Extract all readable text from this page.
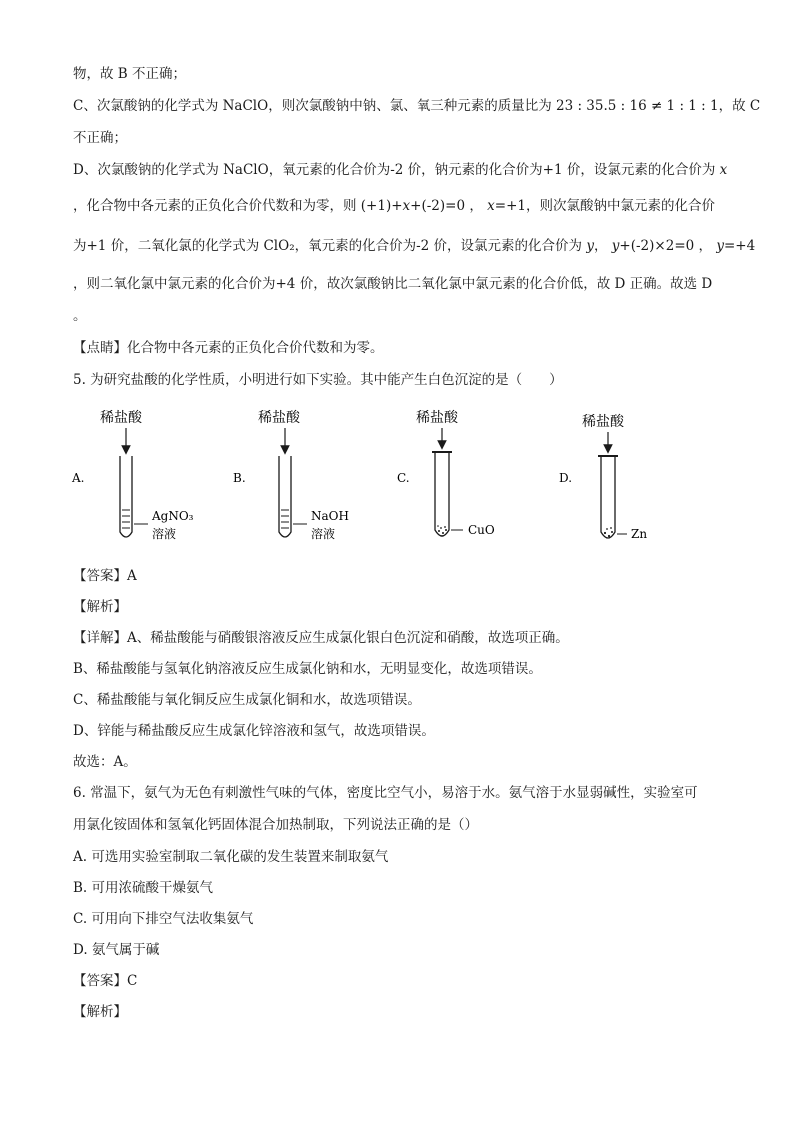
物，故 B 不正确；
C、次氯酸钠的化学式为 NaClO，则次氯酸钠中钠、氯、氧三种元素的质量比为 23 : 35.5 : 16 ≠ 1 : 1 : 1，故 C
不正确；
D、次氯酸钠的化学式为 NaClO，氧元素的化合价为-2 价，钠元素的化合价为+1 价，设氯元素的化合价为 x
，化合物中各元素的正负化合价代数和为零，则 (+1)+x+(-2)=0 ， x=+1，则次氯酸钠中氯元素的化合价
为+1 价，二氧化氯的化学式为 ClO₂，氧元素的化合价为-2 价，设氯元素的化合价为 y， y+(-2)×2=0 ， y=+4
，则二氧化氯中氯元素的化合价为+4 价，故次氯酸钠比二氧化氯中氯元素的化合价低，故 D 正确。故选 D
。
【点睛】化合物中各元素的正负化合价代数和为零。
5. 为研究盐酸的化学性质，小明进行如下实验。其中能产生白色沉淀的是（　　）
稀盐酸
A.
AgNO₃
溶液
稀盐酸
B.
NaOH
溶液
稀盐酸
C.
CuO
稀盐酸
D.
Zn
【答案】A
【解析】
【详解】A、稀盐酸能与硝酸银溶液反应生成氯化银白色沉淀和硝酸，故选项正确。
B、稀盐酸能与氢氧化钠溶液反应生成氯化钠和水，无明显变化，故选项错误。
C、稀盐酸能与氧化铜反应生成氯化铜和水，故选项错误。
D、锌能与稀盐酸反应生成氯化锌溶液和氢气，故选项错误。
故选：A。
6. 常温下，氨气为无色有刺激性气味的气体，密度比空气小，易溶于水。氨气溶于水显弱碱性，实验室可
用氯化铵固体和氢氧化钙固体混合加热制取，下列说法正确的是（）
A. 可选用实验室制取二氧化碳的发生装置来制取氨气
B. 可用浓硫酸干燥氨气
C. 可用向下排空气法收集氨气
D. 氨气属于碱
【答案】C
【解析】
